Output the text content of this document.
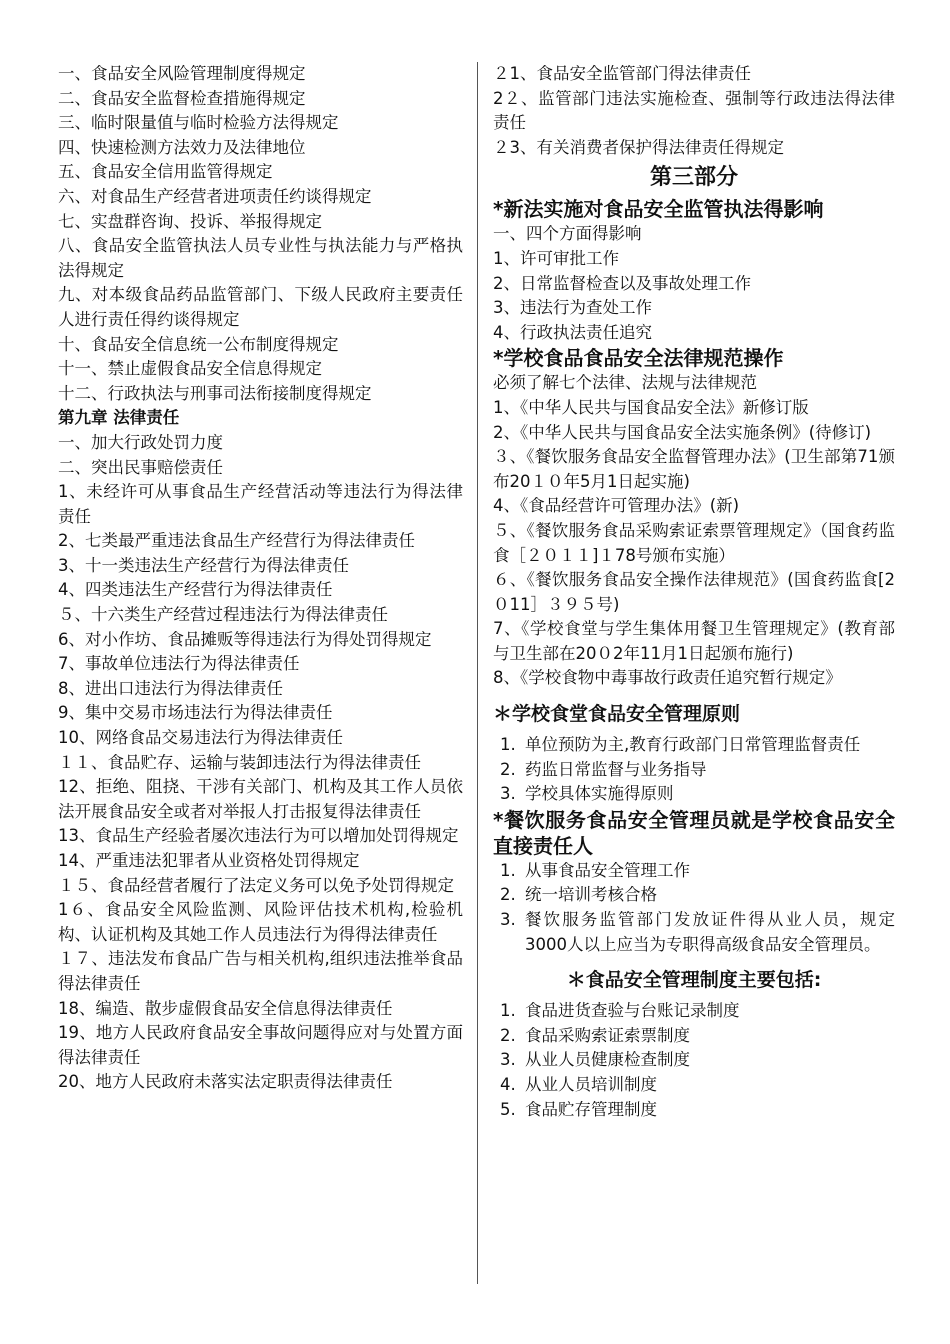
一、食品安全风险管理制度得规定

二、食品安全监督检查措施得规定

三、临时限量值与临时检验方法得规定

四、快速检测方法效力及法律地位

五、食品安全信用监管得规定

六、对食品生产经营者进项责任约谈得规定

七、实盘群咨询、投诉、举报得规定

八、食品安全监管执法人员专业性与执法能力与严格执法得规定

九、对本级食品药品监管部门、下级人民政府主要责任人进行责任得约谈得规定

十、食品安全信息统一公布制度得规定

十一、禁止虚假食品安全信息得规定

十二、行政执法与刑事司法衔接制度得规定

第九章 法律责任

一、加大行政处罚力度

二、突出民事赔偿责任

1、未经许可从事食品生产经营活动等违法行为得法律责任

2、七类最严重违法食品生产经营行为得法律责任

3、十一类违法生产经营行为得法律责任

4、四类违法生产经营行为得法律责任

５、十六类生产经营过程违法行为得法律责任

6、对小作坊、食品摊贩等得违法行为得处罚得规定

7、事故单位违法行为得法律责任

8、进出口违法行为得法律责任

9、集中交易市场违法行为得法律责任

10、网络食品交易违法行为得法律责任

１１、食品贮存、运输与装卸违法行为得法律责任

12、拒绝、阻挠、干涉有关部门、机构及其工作人员依法开展食品安全或者对举报人打击报复得法律责任

13、食品生产经验者屡次违法行为可以增加处罚得规定

14、严重违法犯罪者从业资格处罚得规定

１５、食品经营者履行了法定义务可以免予处罚得规定

1６、食品安全风险监测、风险评估技术机构,检验机构、认证机构及其她工作人员违法行为得得法律责任

１７、违法发布食品广告与相关机构,组织违法推举食品得法律责任

18、编造、散步虚假食品安全信息得法律责任

19、地方人民政府食品安全事故问题得应对与处置方面得法律责任

20、地方人民政府未落实法定职责得法律责任

２1、食品安全监管部门得法律责任

2２、监管部门违法实施检查、强制等行政违法得法律责任

２3、有关消费者保护得法律责任得规定

第三部分

*新法实施对食品安全监管执法得影响

一、四个方面得影响

1、许可审批工作

2、日常监督检查以及事故处理工作

3、违法行为查处工作

4、行政执法责任追究

*学校食品食品安全法律规范操作

必须了解七个法律、法规与法律规范

1、《中华人民共与国食品安全法》新修订版

2、《中华人民共与国食品安全法实施条例》(待修订)

３、《餐饮服务食品安全监督管理办法》(卫生部第71颁布20１０年5月1日起实施)

4、《食品经营许可管理办法》(新)

５、《餐饮服务食品采购索证索票管理规定》（国食药监食［２０１１]１78号颁布实施）

６、《餐饮服务食品安全操作法律规范》(国食药监食[2０11］３９５号)

7、《学校食堂与学生集体用餐卫生管理规定》(教育部与卫生部在20０2年11月1日起颁布施行)

8、《学校食物中毒事故行政责任追究暂行规定》

＊学校食堂食品安全管理原则

1. 单位预防为主,教育行政部门日常管理监督责任
2. 药监日常监督与业务指导
3. 学校具体实施得原则

*餐饮服务食品安全管理员就是学校食品安全直接责任人

1. 从事食品安全管理工作
2. 统一培训考核合格
3. 餐饮服务监管部门发放证件得从业人员，规定3000人以上应当为专职得高级食品安全管理员。

＊食品安全管理制度主要包括:

1. 食品进货查验与台账记录制度
2. 食品采购索证索票制度
3. 从业人员健康检查制度
4. 从业人员培训制度
5. 食品贮存管理制度
